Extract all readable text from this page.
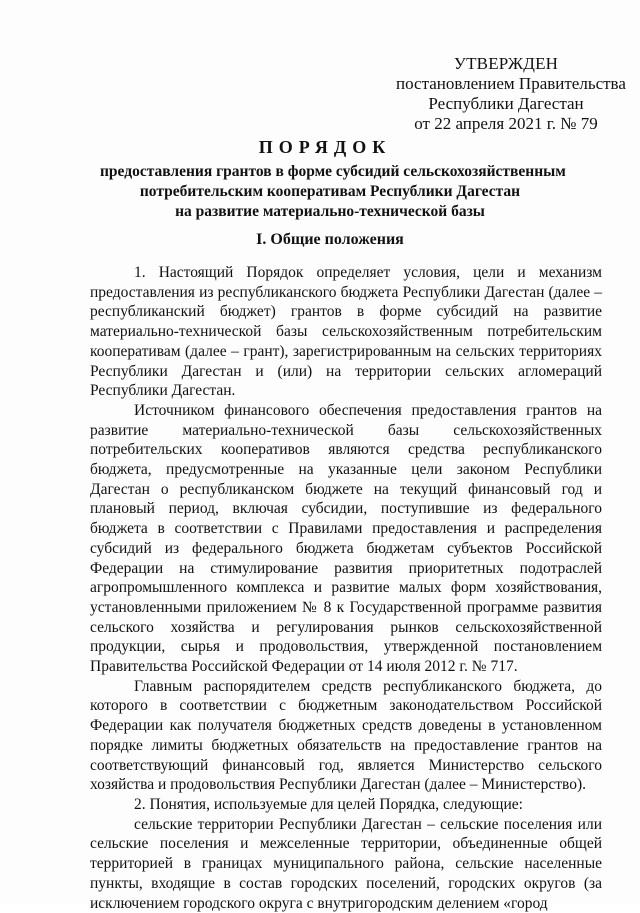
УТВЕРЖДЕН
постановлением Правительства
Республики Дагестан
от 22 апреля 2021 г. № 79
ПОРЯДОК
предоставления грантов в форме субсидий сельскохозяйственным
потребительским кооперативам Республики Дагестан
на развитие материально-технической базы
I. Общие положения

1. Настоящий Порядок определяет условия, цели и механизм предоставления из республиканского бюджета Республики Дагестан (далее – республиканский бюджет) грантов в форме субсидий на развитие материально-технической базы сельскохозяйственным потребительским кооперативам (далее – грант), зарегистрированным на сельских территориях Республики Дагестан и (или) на территории сельских агломераций Республики Дагестан.

Источником финансового обеспечения предоставления грантов на развитие материально-технической базы сельскохозяйственных потребительских кооперативов являются средства республиканского бюджета, предусмотренные на указанные цели законом Республики Дагестан о республиканском бюджете на текущий финансовый год и плановый период, включая субсидии, поступившие из федерального бюджета в соответствии с Правилами предоставления и распределения субсидий из федерального бюджета бюджетам субъектов Российской Федерации на стимулирование развития приоритетных подотраслей агропромышленного комплекса и развитие малых форм хозяйствования, установленными приложением № 8 к Государственной программе развития сельского хозяйства и регулирования рынков сельскохозяйственной продукции, сырья и продовольствия, утвержденной постановлением Правительства Российской Федерации от 14 июля 2012 г. № 717.

Главным распорядителем средств республиканского бюджета, до которого в соответствии с бюджетным законодательством Российской Федерации как получателя бюджетных средств доведены в установленном порядке лимиты бюджетных обязательств на предоставление грантов на соответствующий финансовый год, является Министерство сельского хозяйства и продовольствия Республики Дагестан (далее – Министерство).

2. Понятия, используемые для целей Порядка, следующие:

сельские территории Республики Дагестан – сельские поселения или сельские поселения и межселенные территории, объединенные общей территорией в границах муниципального района, сельские населенные пункты, входящие в состав городских поселений, городских округов (за исключением городского округа с внутригородским делением «город
